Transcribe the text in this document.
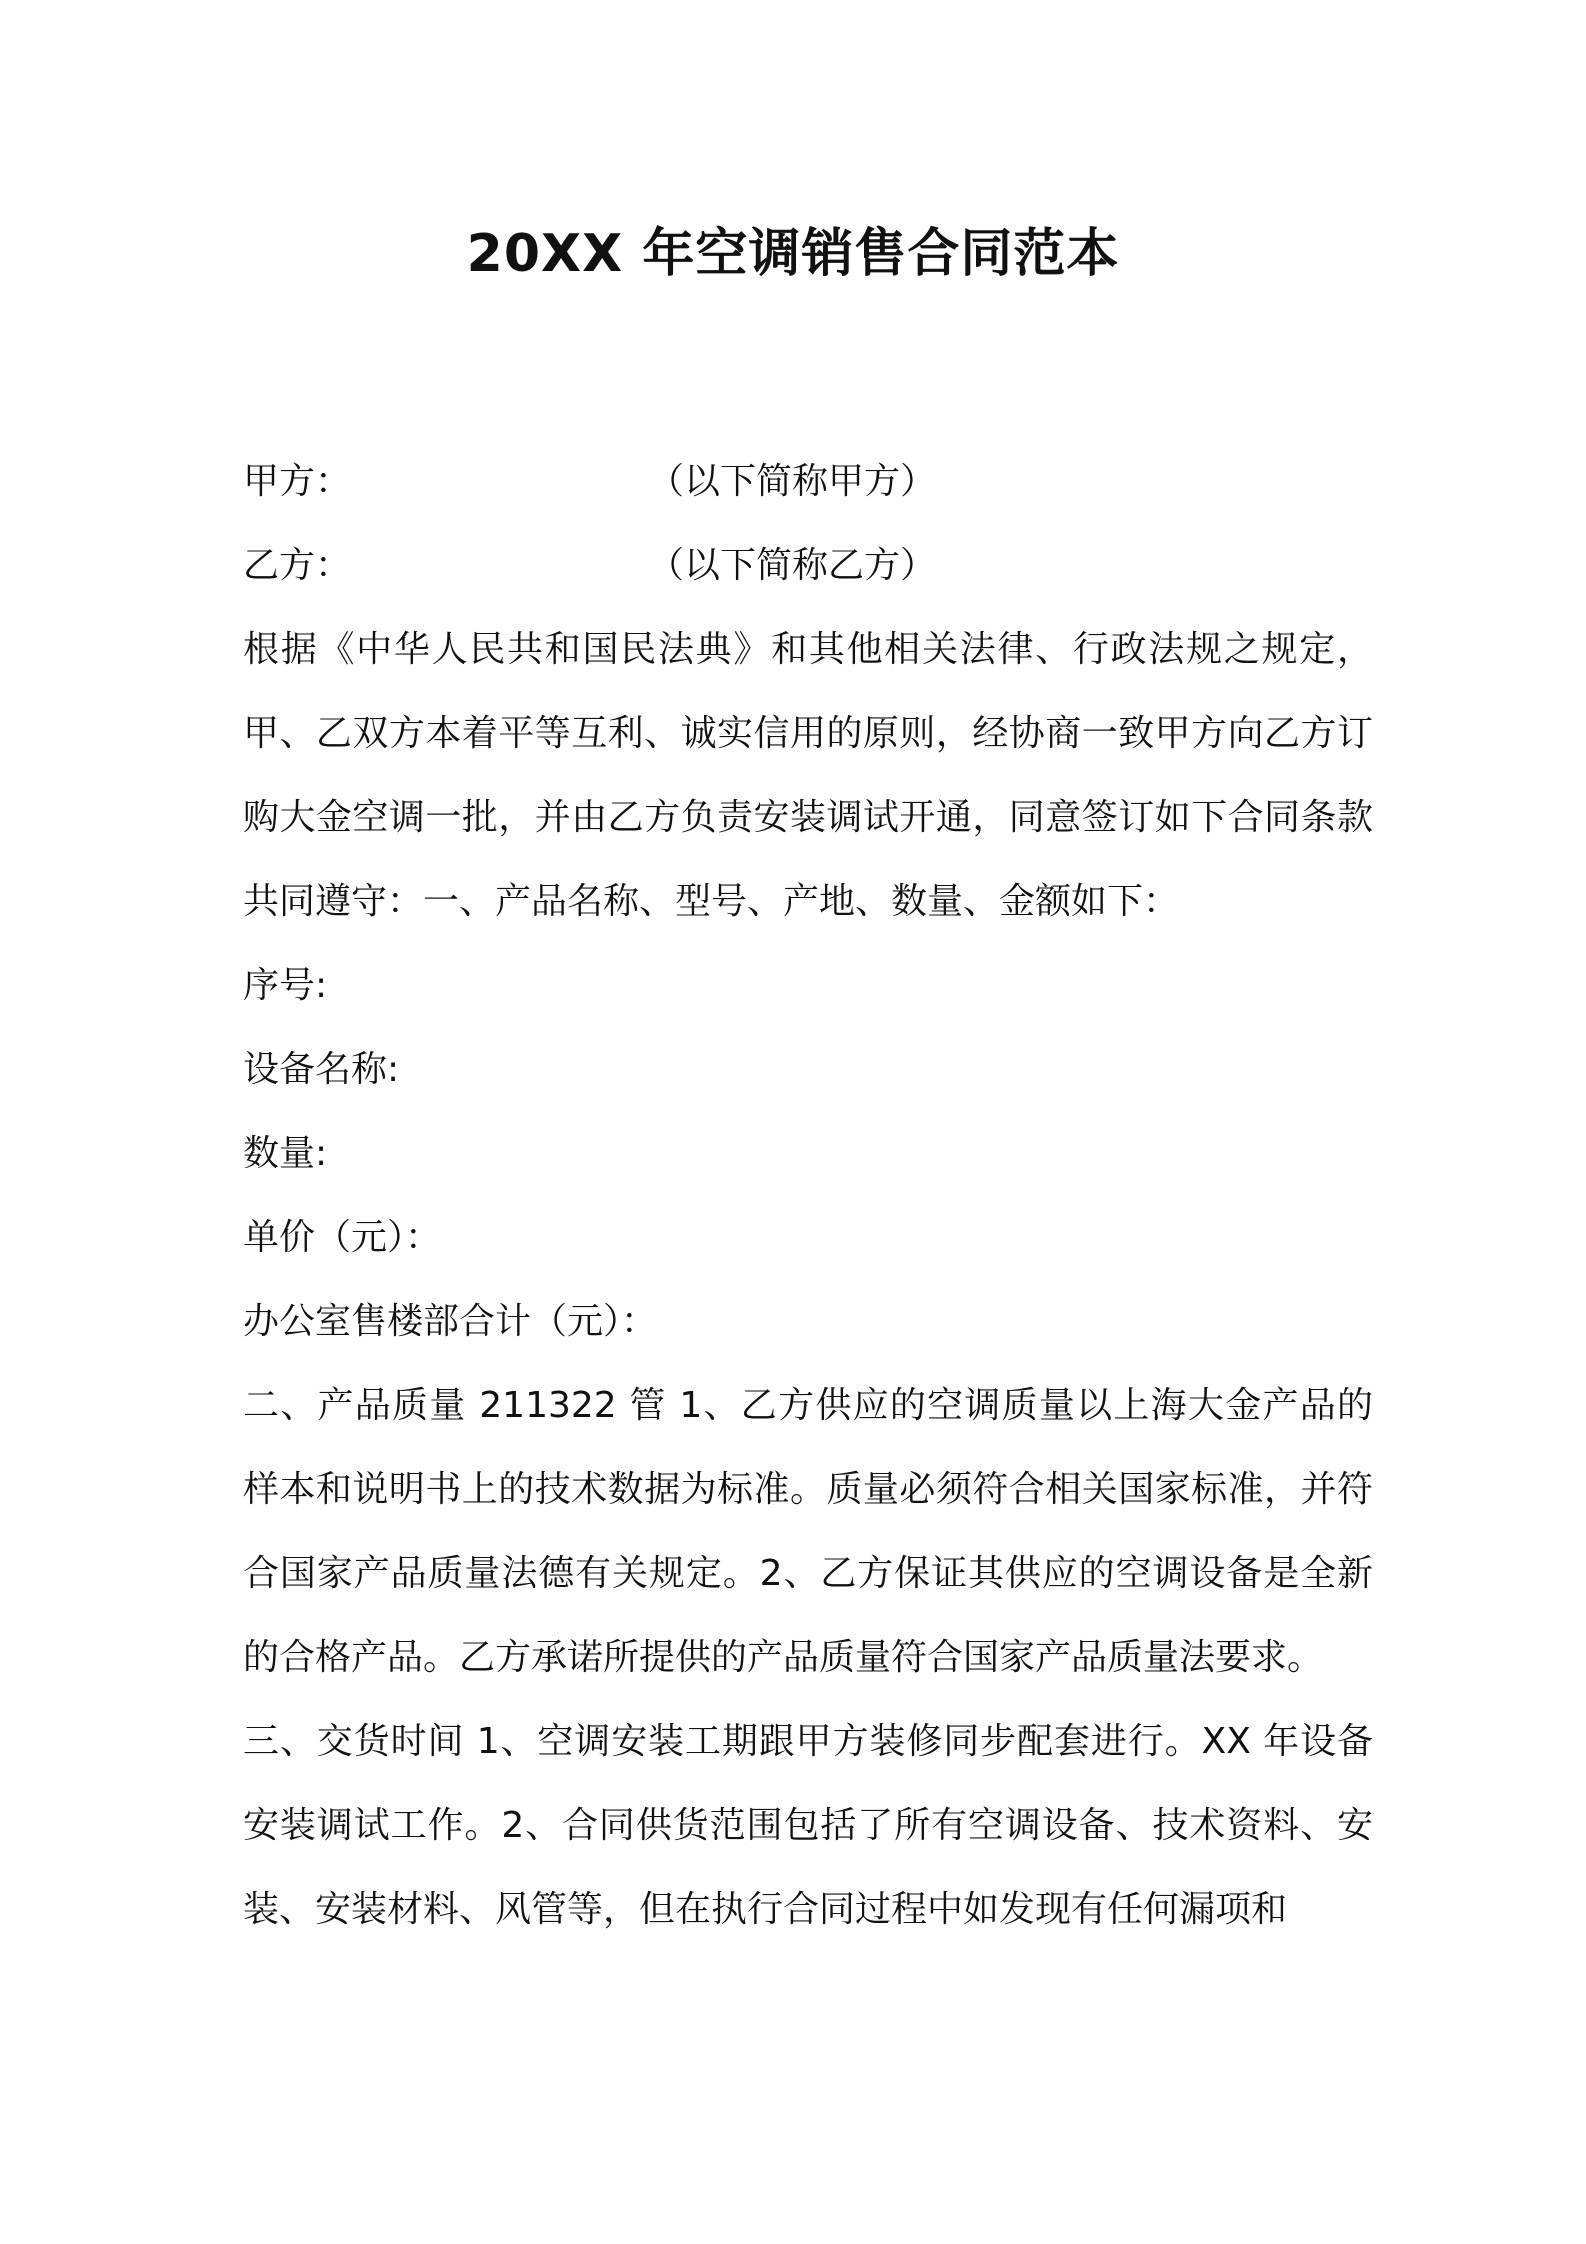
20XX 年空调销售合同范本
甲方：	（以下简称甲方）
乙方：	（以下简称乙方）
根据《中华人民共和国民法典》和其他相关法律、行政法规之规定，甲、乙双方本着平等互利、诚实信用的原则，经协商一致甲方向乙方订购大金空调一批，并由乙方负责安装调试开通，同意签订如下合同条款共同遵守：一、产品名称、型号、产地、数量、金额如下：
序号:
设备名称:
数量:
单价（元）：
办公室售楼部合计（元）：
二、产品质量 211322 管 1、乙方供应的空调质量以上海大金产品的样本和说明书上的技术数据为标准。质量必须符合相关国家标准，并符合国家产品质量法德有关规定。2、乙方保证其供应的空调设备是全新的合格产品。乙方承诺所提供的产品质量符合国家产品质量法要求。
三、交货时间 1、空调安装工期跟甲方装修同步配套进行。XX 年设备安装调试工作。2、合同供货范围包括了所有空调设备、技术资料、安装、安装材料、风管等，但在执行合同过程中如发现有任何漏项和
